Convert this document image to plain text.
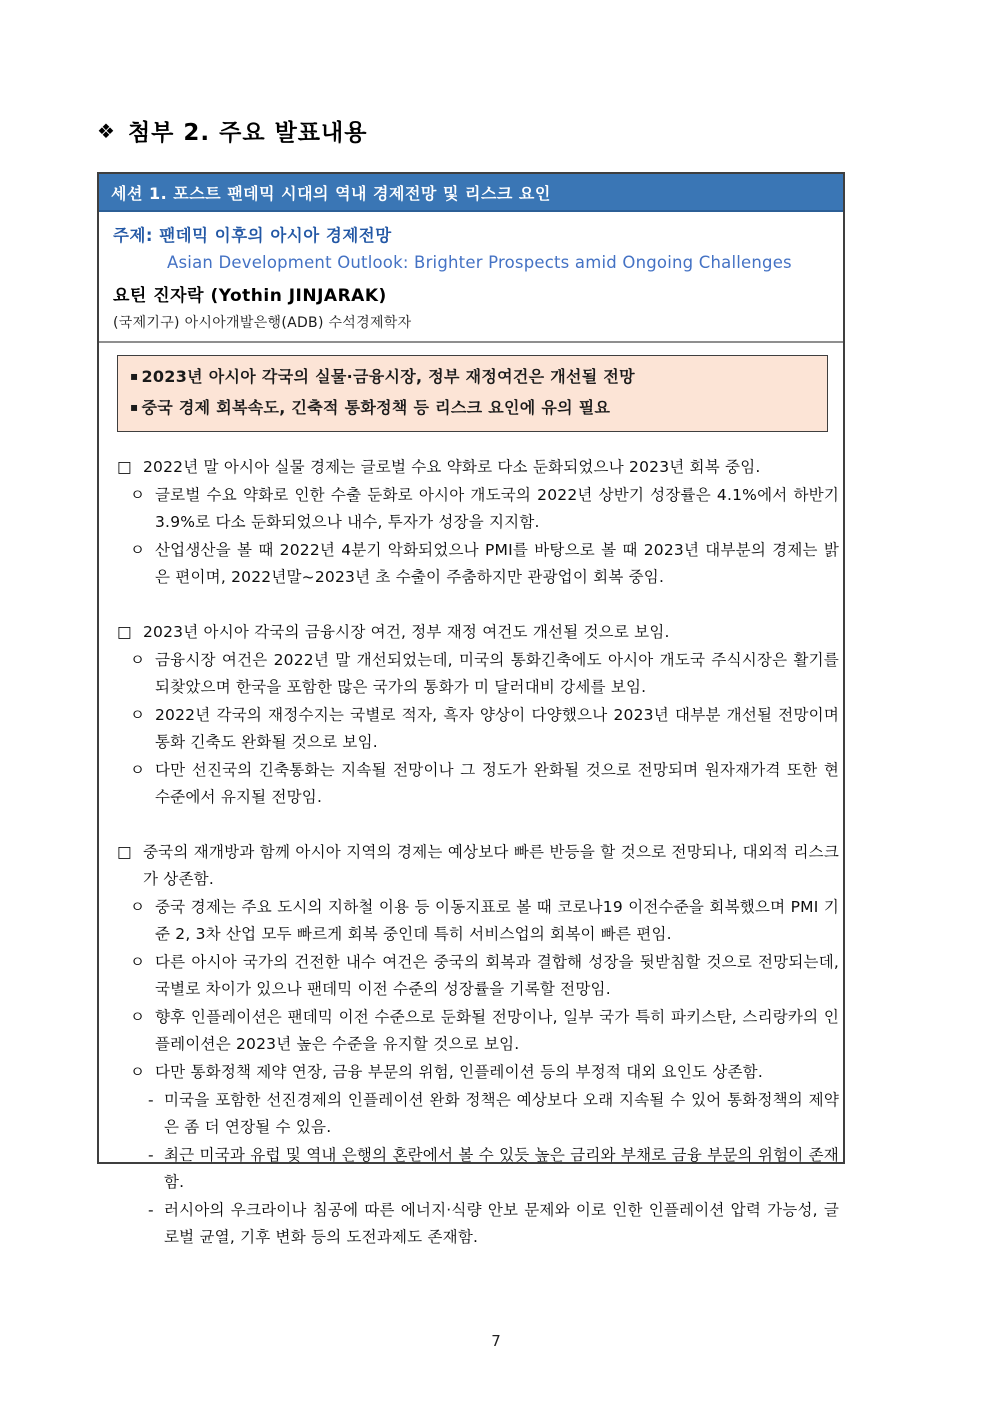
❖ 첨부 2. 주요 발표내용
세션 1. 포스트 팬데믹 시대의 역내 경제전망 및 리스크 요인
주제: 팬데믹 이후의 아시아 경제전망
Asian Development Outlook: Brighter Prospects amid Ongoing Challenges
요틴 진자락 (Yothin JINJARAK)
(국제기구) 아시아개발은행(ADB) 수석경제학자
▪ 2023년 아시아 각국의 실물·금융시장, 정부 재정여건은 개선될 전망
▪ 중국 경제 회복속도, 긴축적 통화정책 등 리스크 요인에 유의 필요
□ 2022년 말 아시아 실물 경제는 글로벌 수요 약화로 다소 둔화되었으나 2023년 회복 중임.
ㅇ 글로벌 수요 약화로 인한 수출 둔화로 아시아 개도국의 2022년 상반기 성장률은 4.1%에서 하반기 3.9%로 다소 둔화되었으나 내수, 투자가 성장을 지지함.
ㅇ 산업생산을 볼 때 2022년 4분기 악화되었으나 PMI를 바탕으로 볼 때 2023년 대부분의 경제는 밝은 편이며, 2022년말~2023년 초 수출이 주춤하지만 관광업이 회복 중임.
□ 2023년 아시아 각국의 금융시장 여건, 정부 재정 여건도 개선될 것으로 보임.
ㅇ 금융시장 여건은 2022년 말 개선되었는데, 미국의 통화긴축에도 아시아 개도국 주식시장은 활기를 되찾았으며 한국을 포함한 많은 국가의 통화가 미 달러대비 강세를 보임.
ㅇ 2022년 각국의 재정수지는 국별로 적자, 흑자 양상이 다양했으나 2023년 대부분 개선될 전망이며 통화 긴축도 완화될 것으로 보임.
ㅇ 다만 선진국의 긴축통화는 지속될 전망이나 그 정도가 완화될 것으로 전망되며 원자재가격 또한 현 수준에서 유지될 전망임.
□ 중국의 재개방과 함께 아시아 지역의 경제는 예상보다 빠른 반등을 할 것으로 전망되나, 대외적 리스크가 상존함.
ㅇ 중국 경제는 주요 도시의 지하철 이용 등 이동지표로 볼 때 코로나19 이전수준을 회복했으며 PMI 기준 2, 3차 산업 모두 빠르게 회복 중인데 특히 서비스업의 회복이 빠른 편임.
ㅇ 다른 아시아 국가의 건전한 내수 여건은 중국의 회복과 결합해 성장을 뒷받침할 것으로 전망되는데, 국별로 차이가 있으나 팬데믹 이전 수준의 성장률을 기록할 전망임.
ㅇ 향후 인플레이션은 팬데믹 이전 수준으로 둔화될 전망이나, 일부 국가 특히 파키스탄, 스리랑카의 인플레이션은 2023년 높은 수준을 유지할 것으로 보임.
ㅇ 다만 통화정책 제약 연장, 금융 부문의 위험, 인플레이션 등의 부정적 대외 요인도 상존함.
- 미국을 포함한 선진경제의 인플레이션 완화 정책은 예상보다 오래 지속될 수 있어 통화정책의 제약은 좀 더 연장될 수 있음.
- 최근 미국과 유럽 및 역내 은행의 혼란에서 볼 수 있듯 높은 금리와 부채로 금융 부문의 위험이 존재함.
- 러시아의 우크라이나 침공에 따른 에너지·식량 안보 문제와 이로 인한 인플레이션 압력 가능성, 글로벌 균열, 기후 변화 등의 도전과제도 존재함.
7
